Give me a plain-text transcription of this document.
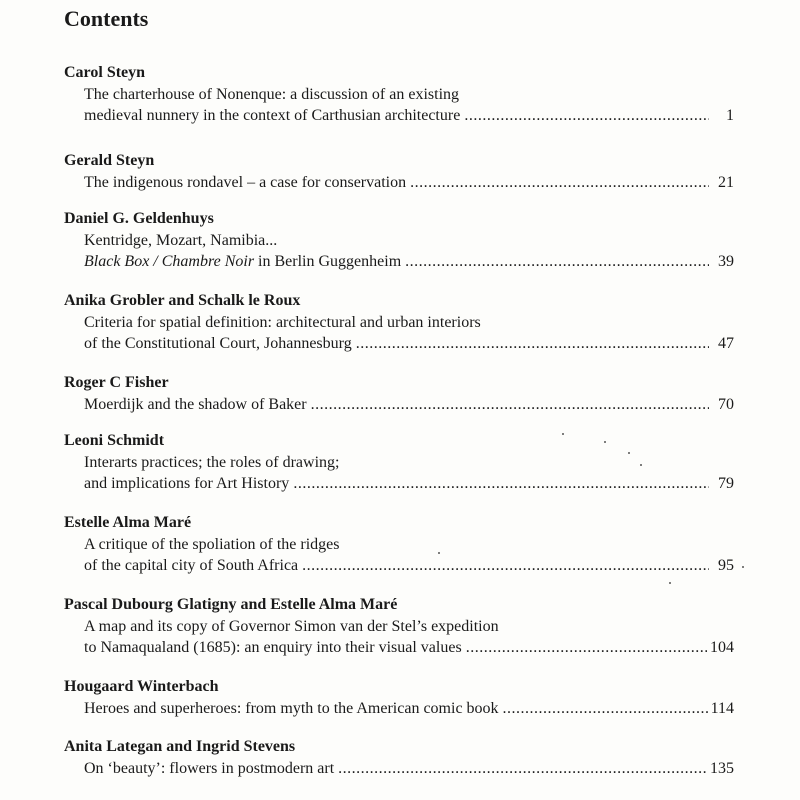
Contents
Carol Steyn
The charterhouse of Nonenque: a discussion of an existing
medieval nunnery in the context of Carthusian architecture .....	1
Gerald Steyn
The indigenous rondavel – a case for conservation .....	21
Daniel G. Geldenhuys
Kentridge, Mozart, Namibia...
Black Box / Chambre Noir in Berlin Guggenheim .....	39
Anika Grobler and Schalk le Roux
Criteria for spatial definition: architectural and urban interiors
of the Constitutional Court, Johannesburg .....	47
Roger C Fisher
Moerdijk and the shadow of Baker .....	70
Leoni Schmidt
Interarts practices; the roles of drawing;
and implications for Art History .....	79
Estelle Alma Maré
A critique of the spoliation of the ridges
of the capital city of South Africa .....	95
Pascal Dubourg Glatigny and Estelle Alma Maré
A map and its copy of Governor Simon van der Stel’s expedition
to Namaqualand (1685): an enquiry into their visual values .....	104
Hougaard Winterbach
Heroes and superheroes: from myth to the American comic book .....	114
Anita Lategan and Ingrid Stevens
On ‘beauty’: flowers in postmodern art .....	135
